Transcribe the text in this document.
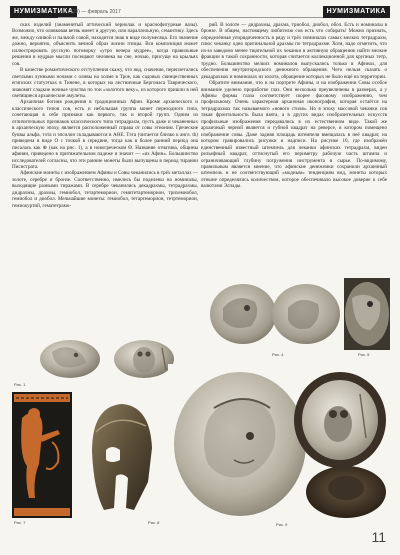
НУМИЗМАТИКА
№ 1 (29) — февраль 2017	НУМИЗМАТИКА

ских изделий (знаменитый аттический чернолак и краснофигурные вазы). Возможно, что оливковая ветвь имеет и другую, или параллельную, семантику. Здесь же, между оливой и пальчой совой, находится знак в виде полумесяца. Его значение дожно, вероятно, объяснить вечной образ жизни птицы. Вся композиция может иллюстрировать русскую поговорку «утро вечера мудрее», когда правильные решения и мудрые мысли посещают человека во сне, ночью, присуще на крыльях сов.

В качестве романтического отступления скажу, что яид, сначение, переплетались светлыми лунными ночами с оливы на холме в Трое, как садовых свинцественных египских статуэтках в Тинене, в которых на лестничные Бергонаса Таврического, знакомят сладкие ночные чувства по тон «золотого веку», из которого пришли в ней светящиеся архаические амулеты.

Архаичная богиня рождения в традиционных Афин. Кроме архаического и классического типов сов, есть и небольшая группа монет переходного типа, сочетающая в себе признаки как первого, так и второй групп. Одним из отличительных признаков классического типа тетрадрахм, пусть даже и чеканенных в архаическую эпоху, является расположенный справа от совы этноним. Греческие буквы альфа, тэта и эпсилон складываются в АӨЕ. Тэта (читается близко к англ. th) приведена в виде О с точкой в середине, тогда как в более ранний период она писалась как ⊕ (как на рис. 1), а в новогреческом Θ. Название отнатива, общины афинян, приведено в притяжательном падеже и значит — «из Афин». Большинство исследователей согласны, что эти ранние монеты были выпущены в период тирании Писистрата.

Афинские монеты с изображением Афины и Совы чеканились в трёх металлах — золоте, серебре и бронзе. Соответственно, имелись бы поделены на номиналы, выходящие разными тиражами. В серебре чеканились декадрахмы, тетрадрахмы, дидрахмы, драхмы, гемиобол, тетартеморион, гемитетартеморион, трихемиобол, гемиобол и диобол. Мельчайшие монеты: гемиобол, тетартеморион, тетртеморион, гемиокуртий, гематетрамо-

рий. В золоте — дидрахмы, драхма, триобол, диобол, обол. Есть и номиналы в бронзе. В общем, настоящему любителю сов есть что собирать! Можно признать, определённая упорядоченность в ряду и трёх номиналах самых мелких тетрадрахм, плюс чеканку одно оригинальной драхмы по тетрадрахме. Хотя, надо отметить, что из-за заведомо менее тщательной их чеканки в активную обращению найти мелкие фракции в такой сохранности, которая считается коллекционной для крупных тетр, трудно. Большинство мелких номиналов выпускались только в Афинах, для обеспечения внутригородского денежного обращения. Чего нельзя сказать о декадрахмах и номиналах из золота, обращение которых не было ещё на территории.

Обратите внимание, что и на портрете Афины, и на изображении Совы особое внимание уделено проработке глаз. Они несколько преувеличены в размерах, а у Афины формы глаза соответствует скорее фасовому изображению, чем профильному. Очень характерная архаичная иконография, которая остаётся на тетрадрахмах так называемого «нового стиля». Но в эпоху массовой чеканки сов такая фронтальность была взята, а в других видах изобразительных искусств профильные изображения передавались в их естественном виде. Такой же архаичный черной является и губной квадрат на реверсе, в котором помещено изображение совы. Даже задняя площадь штемпеля вмещалась в неё квадрат, на котором гравировались рисунки и надписи. На рисунке 10, где изображён единственный известный штемпель для чеканки афинских тетрадрахм, виден рельефный квадрат, оттиснутый его периметру рабочую часть штампа и ограничивающий глубину погружения инструмента в сырье. По-видимому, правильным является мнение, что афинские денежники сохранили архаичный штемпель и не соответствующий «модным» тенденциям вид, монеты которых отныне определялись количеством, которое обеспечивало высокое доверие к себе валютами Эллады.

Рис. 1
Рис. 4	Рис. 5
Рис. 7	Рис. 8	Рис. 9
11
